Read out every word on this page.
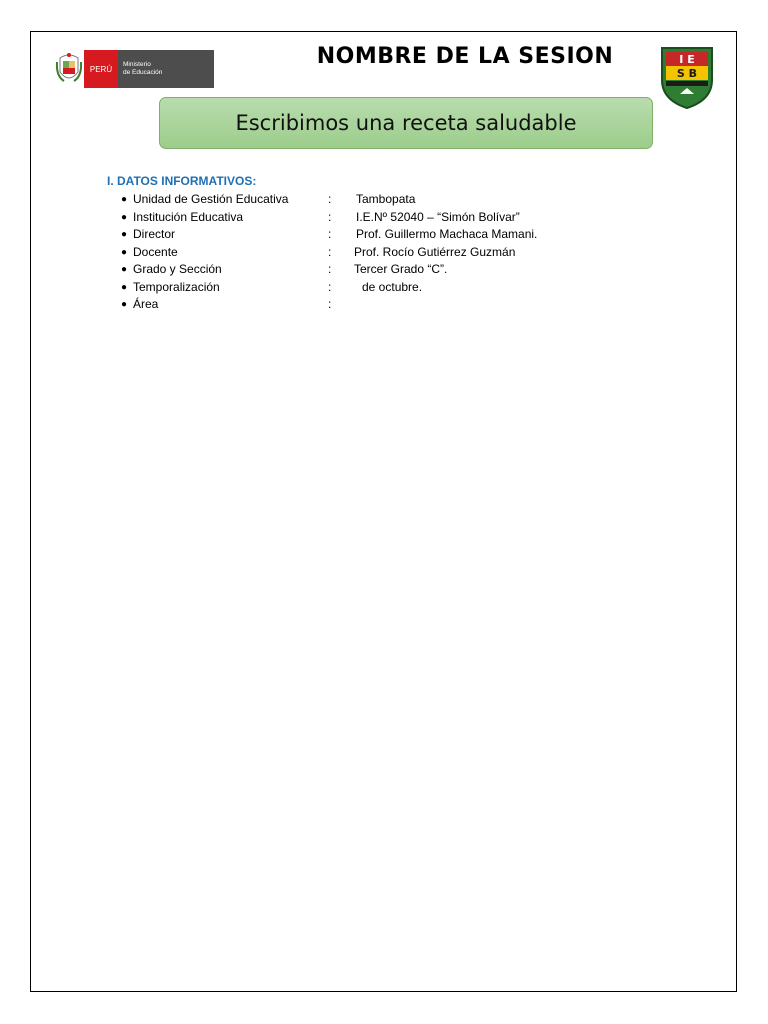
PERÚ	Ministerio
de Educación
NOMBRE DE LA SESION	I E
S B
Escribimos una receta saludable
I. DATOS INFORMATIVOS:
● Unidad de Gestión Educativa	: Tambopata
● Institución Educativa	: I.E.Nº 52040 – “Simón Bolívar”
● Director	: Prof. Guillermo Machaca Mamani.
● Docente	: Prof. Rocío Gutiérrez Guzmán
● Grado y Sección	: Tercer Grado “C”.
● Temporalización	:	de octubre.
● Área	:
